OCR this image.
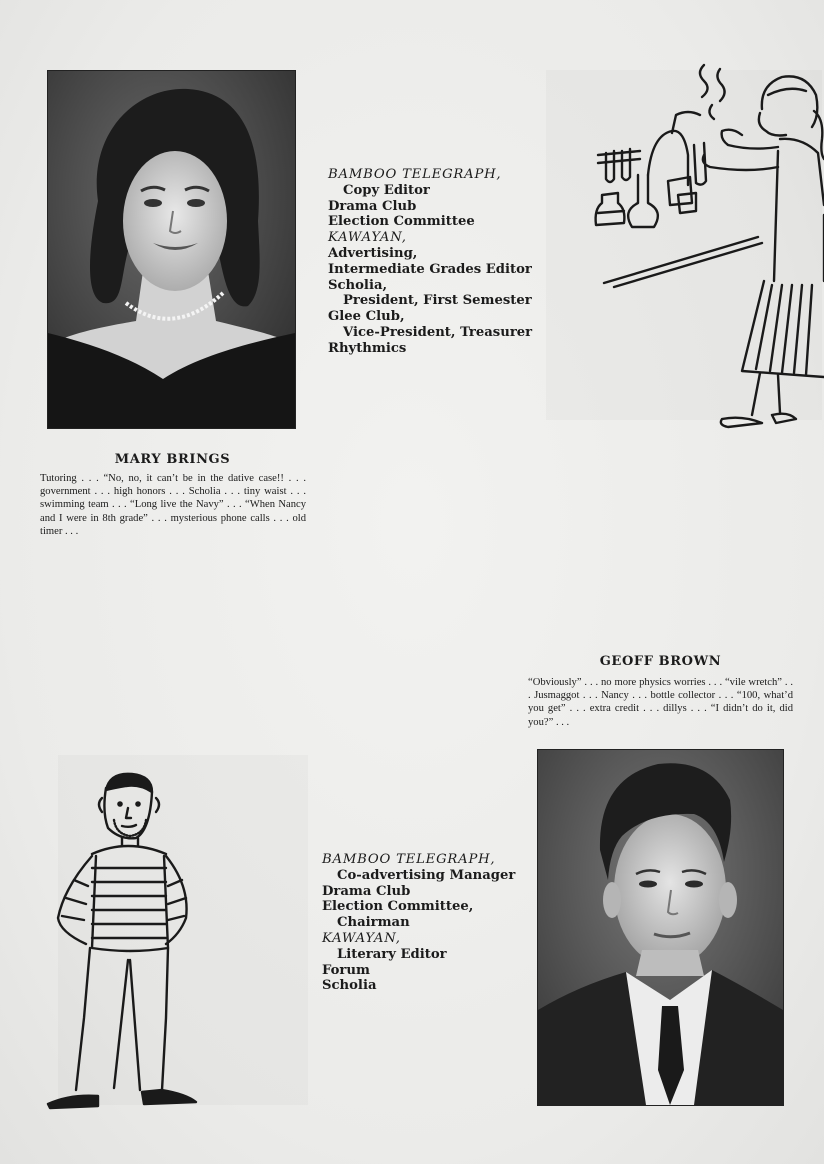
BAMBOO TELEGRAPH,
Copy Editor
Drama Club
Election Committee
KAWAYAN,
Advertising,
Intermediate Grades Editor
Scholia,
President, First Semester
Glee Club,
Vice-President, Treasurer
Rhythmics
MARY BRINGS
Tutoring . . . “No, no, it can’t be in the dative case!! . . . government . . . high honors . . . Scholia . . . tiny waist . . . swimming team . . . “Long live the Navy” . . . “When Nancy and I were in 8th grade” . . . mysterious phone calls . . . old timer . . .
GEOFF BROWN
“Obviously” . . . no more physics worries . . . “vile wretch” . . . Jusmaggot . . . Nancy . . . bottle collector . . . “100, what’d you get” . . . extra credit . . . dillys . . . “I didn’t do it, did you?” . . .
BAMBOO TELEGRAPH,
Co-advertising Manager
Drama Club
Election Committee,
Chairman
KAWAYAN,
Literary Editor
Forum
Scholia
